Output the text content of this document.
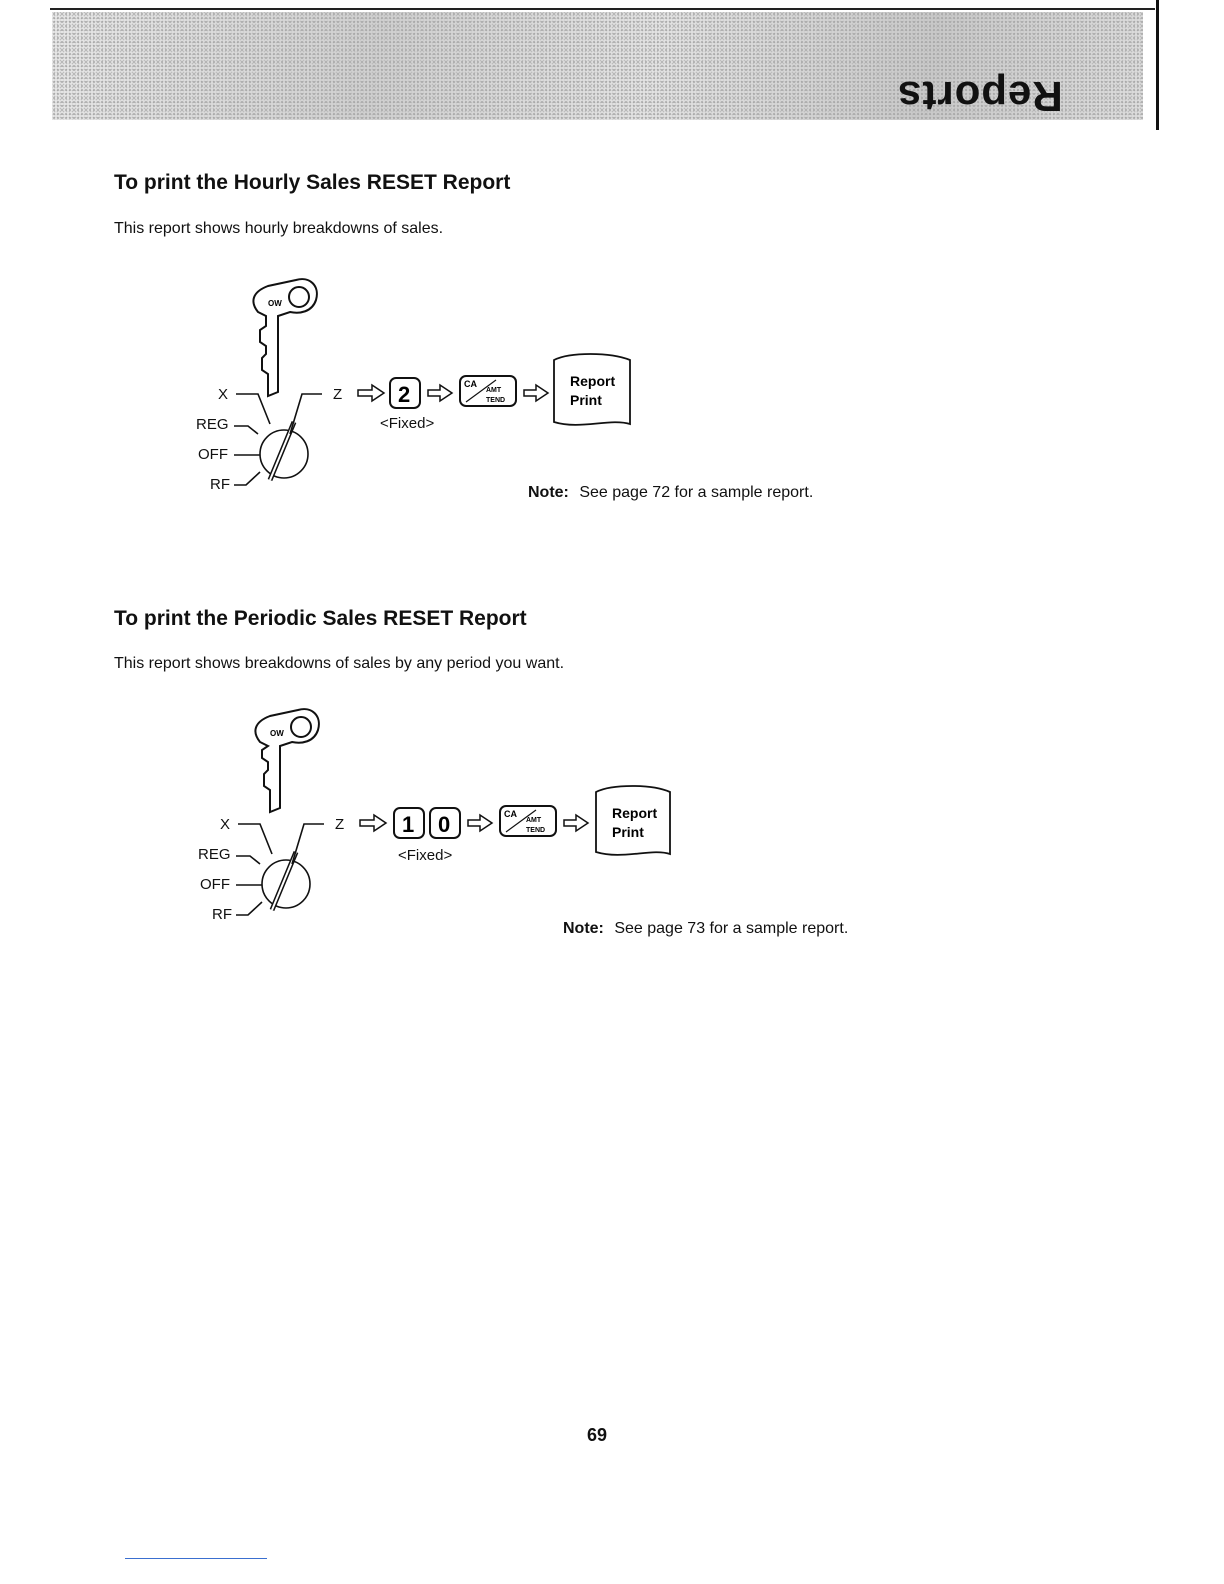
Reports
To print the Hourly Sales RESET Report

This report shows hourly breakdowns of sales.

OW
2	CA
AMT
TEND
Report
Print
X
REG
OFF
RF
Z
<Fixed>
Note: See page 72 for a sample report.
To print the Periodic Sales RESET Report

This report shows breakdowns of sales by any period you want.

OW
1 0	CA
AMT
TEND
Report
Print
X
REG
OFF
RF
Z
<Fixed>
Note: See page 73 for a sample report.
69
